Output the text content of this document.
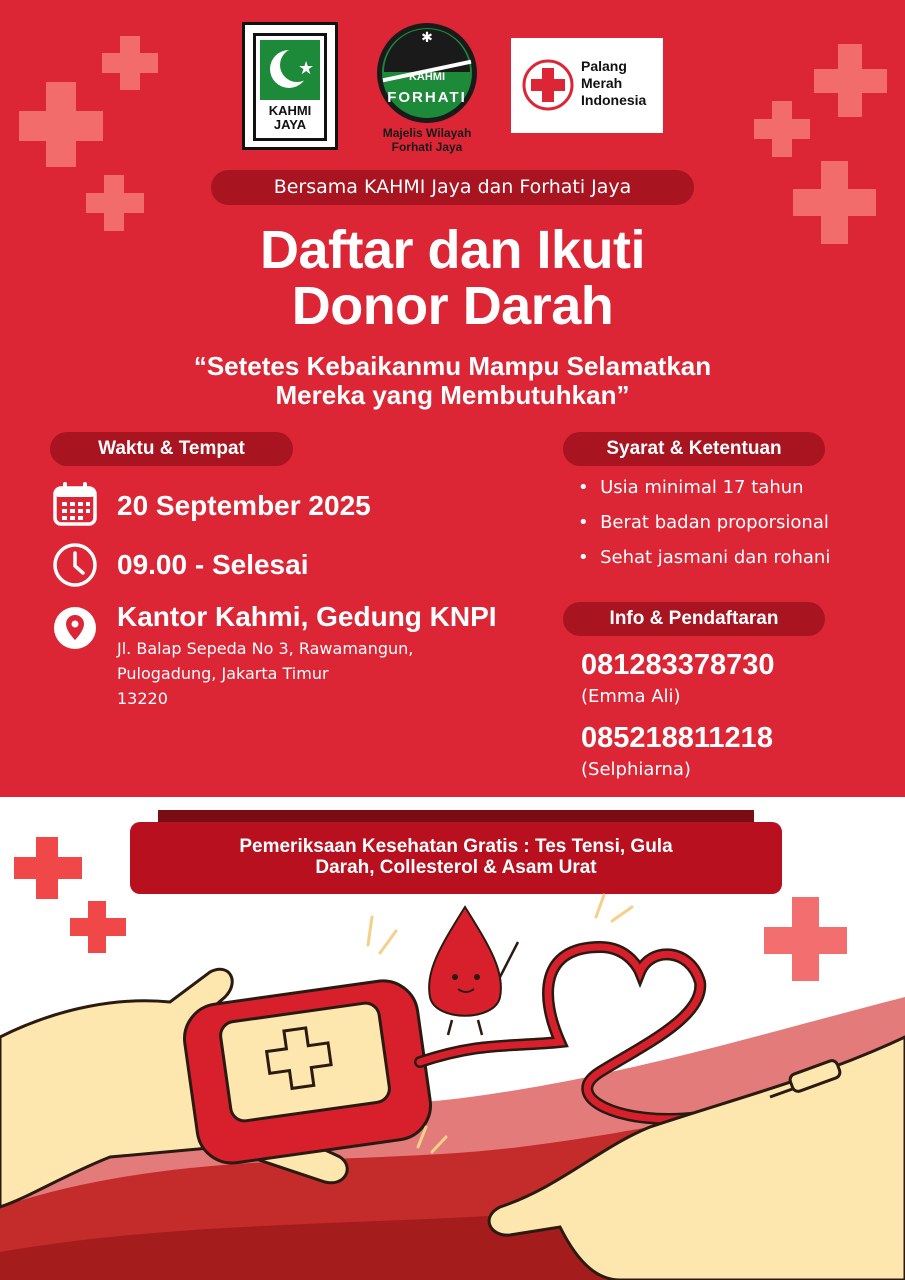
★
KAHMI JAYA
✱
KAHMI
FORHATI
Majelis Wilayah
Forhati Jaya
Palang
Merah
Indonesia
Bersama KAHMI Jaya dan Forhati Jaya
Daftar dan Ikuti
Donor Darah
“Setetes Kebaikanmu Mampu Selamatkan
Mereka yang Membutuhkan”
Waktu & Tempat
20 September 2025
09.00 - Selesai
Kantor Kahmi, Gedung KNPI
Jl. Balap Sepeda No 3, Rawamangun,
Pulogadung, Jakarta Timur
13220
Syarat & Ketentuan
•  Usia minimal 17 tahun
•  Berat badan proporsional
•  Sehat jasmani dan rohani
Info & Pendaftaran
081283378730
(Emma Ali)
085218811218
(Selphiarna)
Pemeriksaan Kesehatan Gratis : Tes Tensi, Gula
Darah, Collesterol & Asam Urat
